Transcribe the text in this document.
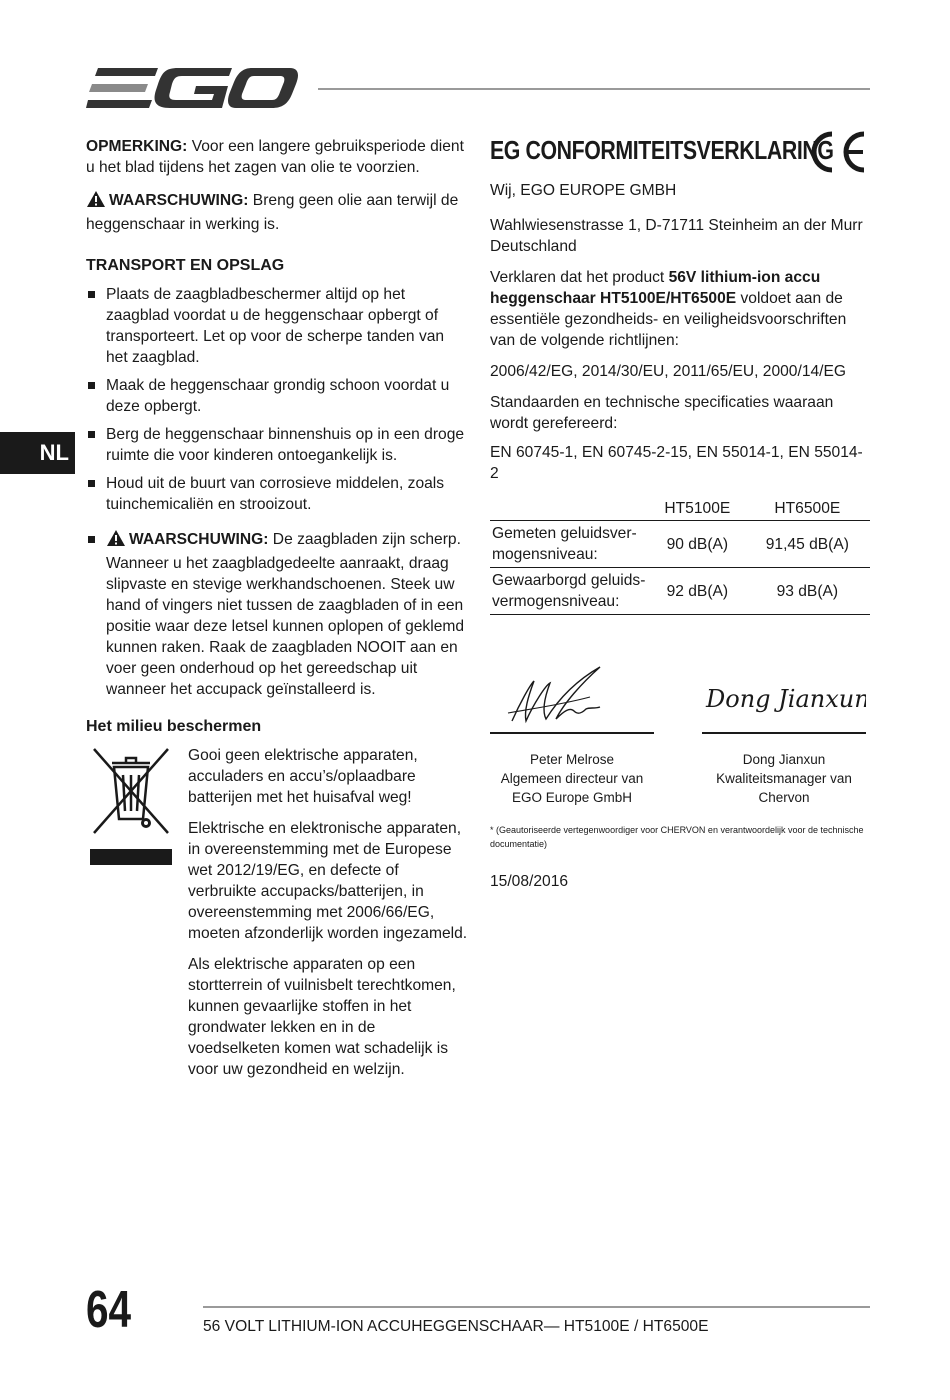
NL

OPMERKING: Voor een langere gebruiksperiode dient u het blad tijdens het zagen van olie te voorzien.

WAARSCHUWING: Breng geen olie aan terwijl de heggenschaar in werking is.

TRANSPORT EN OPSLAG
Plaats de zaagbladbeschermer altijd op het zaagblad voordat u de heggenschaar opbergt of transporteert. Let op voor de scherpe tanden van het zaagblad.
Maak de heggenschaar grondig schoon voordat u deze opbergt.
Berg de heggenschaar binnenshuis op in een droge ruimte die voor kinderen ontoegankelijk is.
Houd uit de buurt van corrosieve middelen, zoals tuinchemicaliën en strooizout.
WAARSCHUWING: De zaagbladen zijn scherp. Wanneer u het zaagbladgedeelte aanraakt, draag slipvaste en stevige werkhandschoenen. Steek uw hand of vingers niet tussen de zaagbladen of in een positie waar deze letsel kunnen oplopen of geklemd kunnen raken. Raak de zaagbladen NOOIT aan en voer geen onderhoud op het gereedschap uit wanneer het accupack geïnstalleerd is.
Het milieu beschermen

Gooi geen elektrische apparaten, acculaders en accu’s/oplaadbare batterijen met het huisafval weg!

Elektrische en elektronische apparaten, in overeenstemming met de Europese wet 2012/19/EG, en defecte of verbruikte accupacks/batterijen, in overeenstemming met 2006/66/EG, moeten afzonderlijk worden ingezameld.

Als elektrische apparaten op een stortterrein of vuilnisbelt terechtkomen, kunnen gevaarlijke stoffen in het grondwater lekken en in de voedselketen komen wat schadelijk is voor uw gezondheid en welzijn.

EG CONFORMITEITSVERKLARING

Wij, EGO EUROPE GMBH

Wahlwiesenstrasse 1, D-71711 Steinheim an der Murr

Deutschland

Verklaren dat het product 56V lithium-ion accu heggenschaar HT5100E/HT6500E voldoet aan de essentiële gezondheids- en veiligheidsvoorschriften van de volgende richtlijnen:

2006/42/EG, 2014/30/EU, 2011/65/EU, 2000/14/EG

Standaarden en technische specificaties waaraan wordt gerefereerd:

EN 60745-1, EN 60745-2-15, EN 55014-1, EN 55014-2

	HT5100E	HT6500E
Gemeten geluidsver-mogensniveau:	90 dB(A)	91,45 dB(A)
Gewaarborgd geluids-vermogensniveau:	92 dB(A)	93 dB(A)
Peter Melrose
Algemeen directeur van
EGO Europe GmbH
Dong Jianxun
Dong Jianxun
Kwaliteitsmanager van
Chervon
* (Geautoriseerde vertegenwoordiger voor CHERVON en verantwoordelijk voor de technische documentatie)
15/08/2016
64	56 VOLT LITHIUM-ION ACCUHEGGENSCHAAR— HT5100E / HT6500E
